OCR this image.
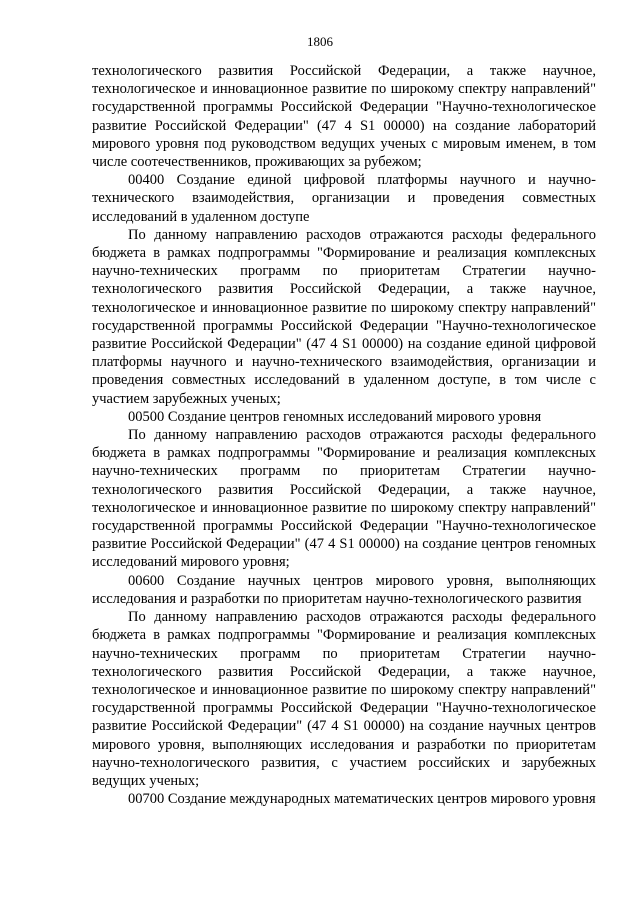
1806

технологического развития Российской Федерации, а также научное, технологическое и инновационное развитие по широкому спектру направлений" государственной программы Российской Федерации "Научно-технологическое развитие Российской Федерации" (47 4 S1 00000) на создание лабораторий мирового уровня под руководством ведущих ученых с мировым именем, в том числе соотечественников, проживающих за рубежом;

00400 Создание единой цифровой платформы научного и научно-технического взаимодействия, организации и проведения совместных исследований в удаленном доступе

По данному направлению расходов отражаются расходы федерального бюджета в рамках подпрограммы "Формирование и реализация комплексных научно-технических программ по приоритетам Стратегии научно-технологического развития Российской Федерации, а также научное, технологическое и инновационное развитие по широкому спектру направлений" государственной программы Российской Федерации "Научно-технологическое развитие Российской Федерации" (47 4 S1 00000) на создание единой цифровой платформы научного и научно-технического взаимодействия, организации и проведения совместных исследований в удаленном доступе, в том числе с участием зарубежных ученых;

00500 Создание центров геномных исследований мирового уровня

По данному направлению расходов отражаются расходы федерального бюджета в рамках подпрограммы "Формирование и реализация комплексных научно-технических программ по приоритетам Стратегии научно-технологического развития Российской Федерации, а также научное, технологическое и инновационное развитие по широкому спектру направлений" государственной программы Российской Федерации "Научно-технологическое развитие Российской Федерации" (47 4 S1 00000) на создание центров геномных исследований мирового уровня;

00600 Создание научных центров мирового уровня, выполняющих исследования и разработки по приоритетам научно-технологического развития

По данному направлению расходов отражаются расходы федерального бюджета в рамках подпрограммы "Формирование и реализация комплексных научно-технических программ по приоритетам Стратегии научно-технологического развития Российской Федерации, а также научное, технологическое и инновационное развитие по широкому спектру направлений" государственной программы Российской Федерации "Научно-технологическое развитие Российской Федерации" (47 4 S1 00000) на создание научных центров мирового уровня, выполняющих исследования и разработки по приоритетам научно-технологического развития, с участием российских и зарубежных ведущих ученых;

00700 Создание международных математических центров мирового уровня
